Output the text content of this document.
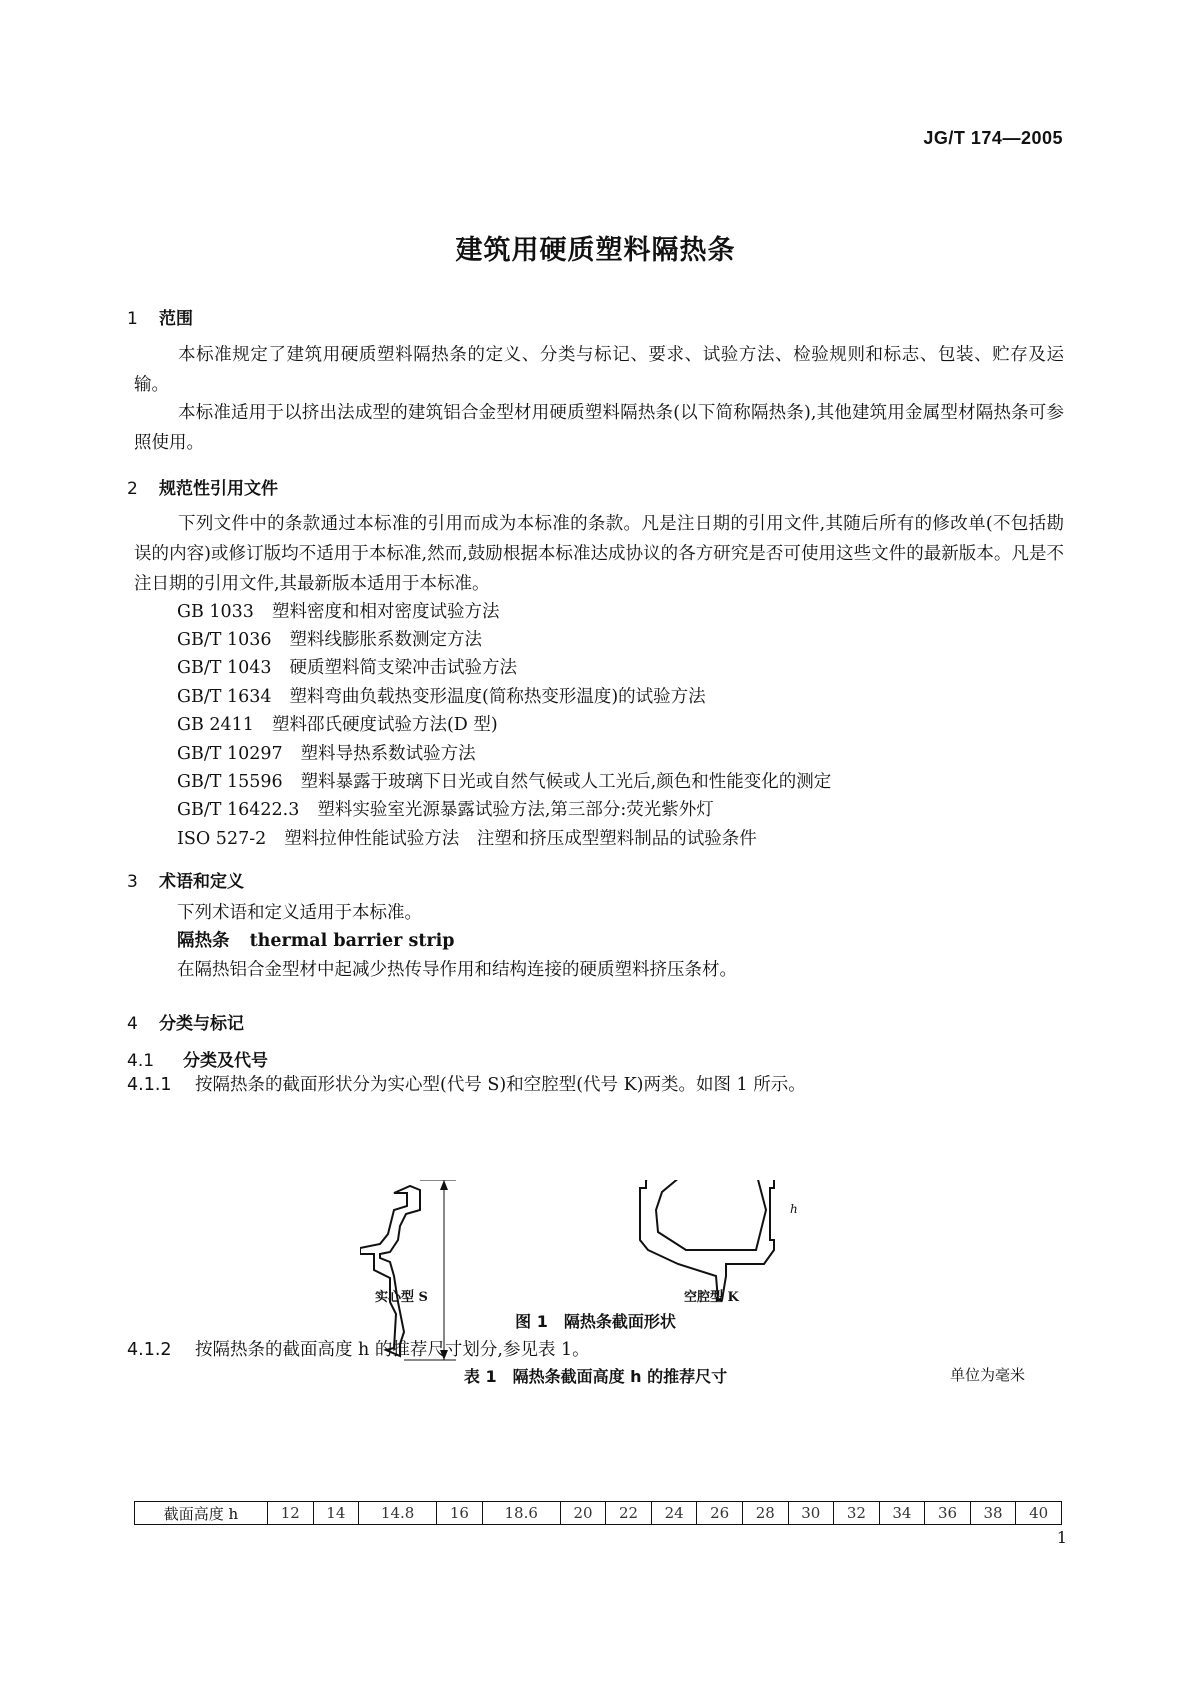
JG/T 174—2005
建筑用硬质塑料隔热条
1 范围
本标准规定了建筑用硬质塑料隔热条的定义、分类与标记、要求、试验方法、检验规则和标志、包装、贮存及运输。
本标准适用于以挤出法成型的建筑铝合金型材用硬质塑料隔热条(以下简称隔热条),其他建筑用金属型材隔热条可参照使用。
2 规范性引用文件
下列文件中的条款通过本标准的引用而成为本标准的条款。凡是注日期的引用文件,其随后所有的修改单(不包括勘误的内容)或修订版均不适用于本标准,然而,鼓励根据本标准达成协议的各方研究是否可使用这些文件的最新版本。凡是不注日期的引用文件,其最新版本适用于本标准。
GB 1033 塑料密度和相对密度试验方法
GB/T 1036 塑料线膨胀系数测定方法
GB/T 1043 硬质塑料简支梁冲击试验方法
GB/T 1634 塑料弯曲负载热变形温度(简称热变形温度)的试验方法
GB 2411 塑料邵氏硬度试验方法(D 型)
GB/T 10297 塑料导热系数试验方法
GB/T 15596 塑料暴露于玻璃下日光或自然气候或人工光后,颜色和性能变化的测定
GB/T 16422.3 塑料实验室光源暴露试验方法,第三部分:荧光紫外灯
ISO 527-2 塑料拉伸性能试验方法　注塑和挤压成型塑料制品的试验条件
3 术语和定义
下列术语和定义适用于本标准。
隔热条 thermal barrier strip
在隔热铝合金型材中起减少热传导作用和结构连接的硬质塑料挤压条材。
4 分类与标记
4.1 分类及代号
4.1.1 按隔热条的截面形状分为实心型(代号 S)和空腔型(代号 K)两类。如图 1 所示。
h
实心型 S	空腔型 K
图 1　隔热条截面形状
4.1.2 按隔热条的截面高度 h 的推荐尺寸划分,参见表 1。
表 1　隔热条截面高度 h 的推荐尺寸	单位为毫米
截面高度 h	12	14	14.8	16	18.6	20	22	24	26	28	30	32	34	36	38	40
1
